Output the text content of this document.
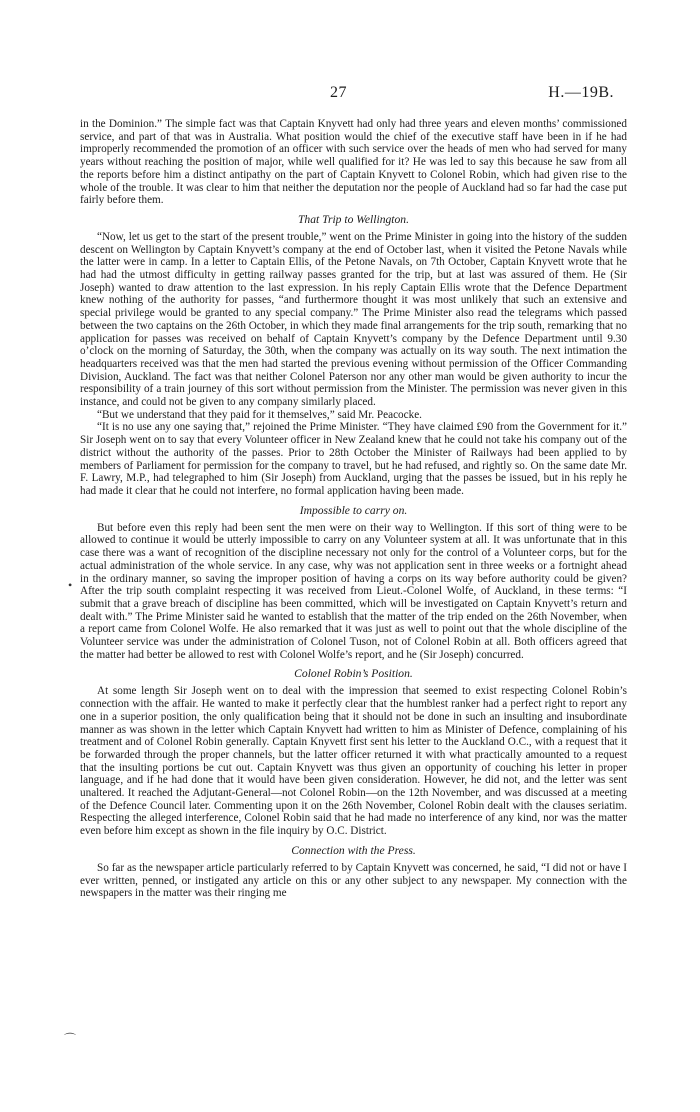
27	H.—19B.
•
⌒

in the Dominion.” The simple fact was that Captain Knyvett had only had three years and eleven months’ commissioned service, and part of that was in Australia. What position would the chief of the executive staff have been in if he had improperly recommended the promotion of an officer with such service over the heads of men who had served for many years without reaching the position of major, while well qualified for it? He was led to say this because he saw from all the reports before him a distinct antipathy on the part of Captain Knyvett to Colonel Robin, which had given rise to the whole of the trouble. It was clear to him that neither the deputation nor the people of Auckland had so far had the case put fairly before them.

That Trip to Wellington.

“Now, let us get to the start of the present trouble,” went on the Prime Minister in going into the history of the sudden descent on Wellington by Captain Knyvett’s company at the end of October last, when it visited the Petone Navals while the latter were in camp. In a letter to Captain Ellis, of the Petone Navals, on 7th October, Captain Knyvett wrote that he had had the utmost difficulty in getting railway passes granted for the trip, but at last was assured of them. He (Sir Joseph) wanted to draw attention to the last expression. In his reply Captain Ellis wrote that the Defence Department knew nothing of the authority for passes, “and furthermore thought it was most unlikely that such an extensive and special privilege would be granted to any special company.” The Prime Minister also read the telegrams which passed between the two captains on the 26th October, in which they made final arrangements for the trip south, remarking that no application for passes was received on behalf of Captain Knyvett’s company by the Defence Department until 9.30 o’clock on the morning of Saturday, the 30th, when the company was actually on its way south. The next intimation the headquarters received was that the men had started the previous evening without permission of the Officer Commanding Division, Auckland. The fact was that neither Colonel Paterson nor any other man would be given authority to incur the responsibility of a train journey of this sort without permission from the Minister. The permission was never given in this instance, and could not be given to any company similarly placed.

“But we understand that they paid for it themselves,” said Mr. Peacocke.

“It is no use any one saying that,” rejoined the Prime Minister. “They have claimed £90 from the Government for it.” Sir Joseph went on to say that every Volunteer officer in New Zealand knew that he could not take his company out of the district without the authority of the passes. Prior to 28th October the Minister of Railways had been applied to by members of Parliament for permission for the company to travel, but he had refused, and rightly so. On the same date Mr. F. Lawry, M.P., had telegraphed to him (Sir Joseph) from Auckland, urging that the passes be issued, but in his reply he had made it clear that he could not interfere, no formal application having been made.

Impossible to carry on.

But before even this reply had been sent the men were on their way to Wellington. If this sort of thing were to be allowed to continue it would be utterly impossible to carry on any Volunteer system at all. It was unfortunate that in this case there was a want of recognition of the discipline necessary not only for the control of a Volunteer corps, but for the actual administration of the whole service. In any case, why was not application sent in three weeks or a fortnight ahead in the ordinary manner, so saving the improper position of having a corps on its way before authority could be given? After the trip south complaint respecting it was received from Lieut.-Colonel Wolfe, of Auckland, in these terms: “I submit that a grave breach of discipline has been committed, which will be investigated on Captain Knyvett’s return and dealt with.” The Prime Minister said he wanted to establish that the matter of the trip ended on the 26th November, when a report came from Colonel Wolfe. He also remarked that it was just as well to point out that the whole discipline of the Volunteer service was under the administration of Colonel Tuson, not of Colonel Robin at all. Both officers agreed that the matter had better be allowed to rest with Colonel Wolfe’s report, and he (Sir Joseph) concurred.

Colonel Robin’s Position.

At some length Sir Joseph went on to deal with the impression that seemed to exist respecting Colonel Robin’s connection with the affair. He wanted to make it perfectly clear that the humblest ranker had a perfect right to report any one in a superior position, the only qualification being that it should not be done in such an insulting and insubordinate manner as was shown in the letter which Captain Knyvett had written to him as Minister of Defence, complaining of his treatment and of Colonel Robin generally. Captain Knyvett first sent his letter to the Auckland O.C., with a request that it be forwarded through the proper channels, but the latter officer returned it with what practically amounted to a request that the insulting portions be cut out. Captain Knyvett was thus given an opportunity of couching his letter in proper language, and if he had done that it would have been given consideration. However, he did not, and the letter was sent unaltered. It reached the Adjutant-General—not Colonel Robin—on the 12th November, and was discussed at a meeting of the Defence Council later. Commenting upon it on the 26th November, Colonel Robin dealt with the clauses seriatim. Respecting the alleged interference, Colonel Robin said that he had made no interference of any kind, nor was the matter even before him except as shown in the file inquiry by O.C. District.

Connection with the Press.

So far as the newspaper article particularly referred to by Captain Knyvett was concerned, he said, “I did not or have I ever written, penned, or instigated any article on this or any other subject to any newspaper. My connection with the newspapers in the matter was their ringing me
